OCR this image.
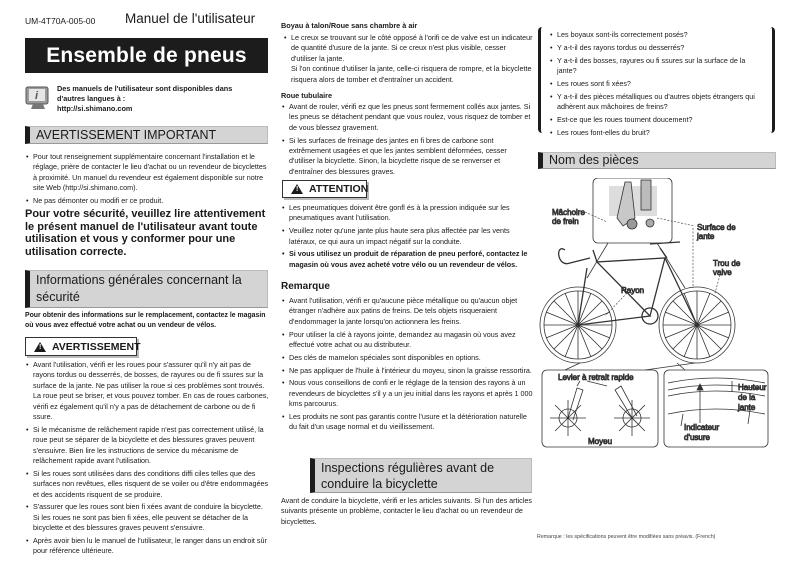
UM-4T70A-005-00 Manuel de l'utilisateur
Ensemble de pneus
i
Des manuels de l'utilisateur sont disponibles dans
d'autres langues à :
http://si.shimano.com
AVERTISSEMENT IMPORTANT
• Pour tout renseignement supplémentaire concernant l'installation et le réglage, prière de contacter le lieu d'achat ou un revendeur de bicyclettes à proximité. Un manuel du revendeur est également disponible sur notre site Web (http://si.shimano.com).
• Ne pas démonter ou modifi er ce produit.
Pour votre sécurité, veuillez lire attentivement le présent manuel de l'utilisateur avant toute utilisation et vous y conformer pour une utilisation correcte.
Informations générales concernant la sécurité
Pour obtenir des informations sur le remplacement, contactez le magasin où vous avez effectué votre achat ou un vendeur de vélos.
! AVERTISSEMENT
• Avant l'utilisation, vérifi er les roues pour s'assurer qu'il n'y ait pas de rayons tordus ou desserrés, de bosses, de rayures ou de fi ssures sur la surface de la jante. Ne pas utiliser la roue si ces problèmes sont trouvés. La roue peut se briser, et vous pouvez tomber. En cas de roues carbones, vérifi ez également qu'il n'y a pas de détachement de carbone ou de fi ssure.
• Si le mécanisme de relâchement rapide n'est pas correctement utilisé, la roue peut se séparer de la bicyclette et des blessures graves peuvent s'ensuivre. Bien lire les instructions de service du mécanisme de relâchement rapide avant l'utilisation.
• Si les roues sont utilisées dans des conditions diffi ciles telles que des surfaces non revêtues, elles risquent de se voiler ou d'être endommagées et des accidents risquent de se produire.
• S'assurer que les roues sont bien fi xées avant de conduire la bicyclette. Si les roues ne sont pas bien fi xées, elle peuvent se détacher de la bicyclette et des blessures graves peuvent s'ensuivre.
• Après avoir bien lu le manuel de l'utilisateur, le ranger dans un endroit sûr pour référence ultérieure.
Boyau à talon/Roue sans chambre à air
• Le creux se trouvant sur le côté opposé à l'orifi ce de valve est un indicateur de quantité d'usure de la jante. Si ce creux n'est plus visible, cesser d'utiliser la jante.
Si l'on continue d'utiliser la jante, celle-ci risquera de rompre, et la bicyclette risquera alors de tomber et d'entraîner un accident.
Roue tubulaire
• Avant de rouler, vérifi ez que les pneus sont fermement collés aux jantes. Si les pneus se détachent pendant que vous roulez, vous risquez de tomber et de vous blessez gravement.
• Si les surfaces de freinage des jantes en fi bres de carbone sont extrêmement usagées et que les jantes semblent déformées, cesser d'utiliser la bicyclette. Sinon, la bicyclette risque de se renverser et d'entraîner des blessures graves.
! ATTENTION
• Les pneumatiques doivent être gonfl és à la pression indiquée sur les pneumatiques avant l'utilisation.
• Veuillez noter qu'une jante plus haute sera plus affectée par les vents latéraux, ce qui aura un impact négatif sur la conduite.
• Si vous utilisez un produit de réparation de pneu perforé, contactez le magasin où vous avez acheté votre vélo ou un revendeur de vélos.
Remarque
• Avant l'utilisation, vérifi er qu'aucune pièce métallique ou qu'aucun objet étranger n'adhère aux patins de freins. De tels objets risqueraient d'endommager la jante lorsqu'on actionnera les freins.
• Pour utiliser la clé à rayons jointe, demandez au magasin où vous avez effectué votre achat ou au distributeur.
• Des clés de mamelon spéciales sont disponibles en options.
• Ne pas appliquer de l'huile à l'intérieur du moyeu, sinon la graisse ressortira.
• Nous vous conseillons de confi er le réglage de la tension des rayons à un revendeurs de bicyclettes s'il y a un jeu initial dans les rayons et après 1 000 kms parcourus.
• Les produits ne sont pas garantis contre l'usure et la détérioration naturelle du fait d'un usage normal et du vieillissement.
Inspections régulières avant de conduire la bicyclette
Avant de conduire la bicyclette, vérifi er les articles suivants. Si l'un des articles suivants présente un problème, contacter le lieu d'achat ou un revendeur de bicyclettes.
• Les boyaux sont-ils correctement posés?
• Y a-t-il des rayons tordus ou desserrés?
• Y a-t-il des bosses, rayures ou fi ssures sur la surface de la jante?
• Les roues sont fi xées?
• Y a-t-il des pièces métalliques ou d'autres objets étrangers qui adhèrent aux mâchoires de freins?
• Est-ce que les roues tournent doucement?
• Les roues font-elles du bruit?
Nom des pièces
Mâchoire
de frein
Surface de
jante
Trou de
valve
Rayon
Levier à retrait rapide
Moyeu
Hauteur
de la
jante
Indicateur
d'usure
Remarque : les spécifications peuvent être modifiées sans préavis. (French)
